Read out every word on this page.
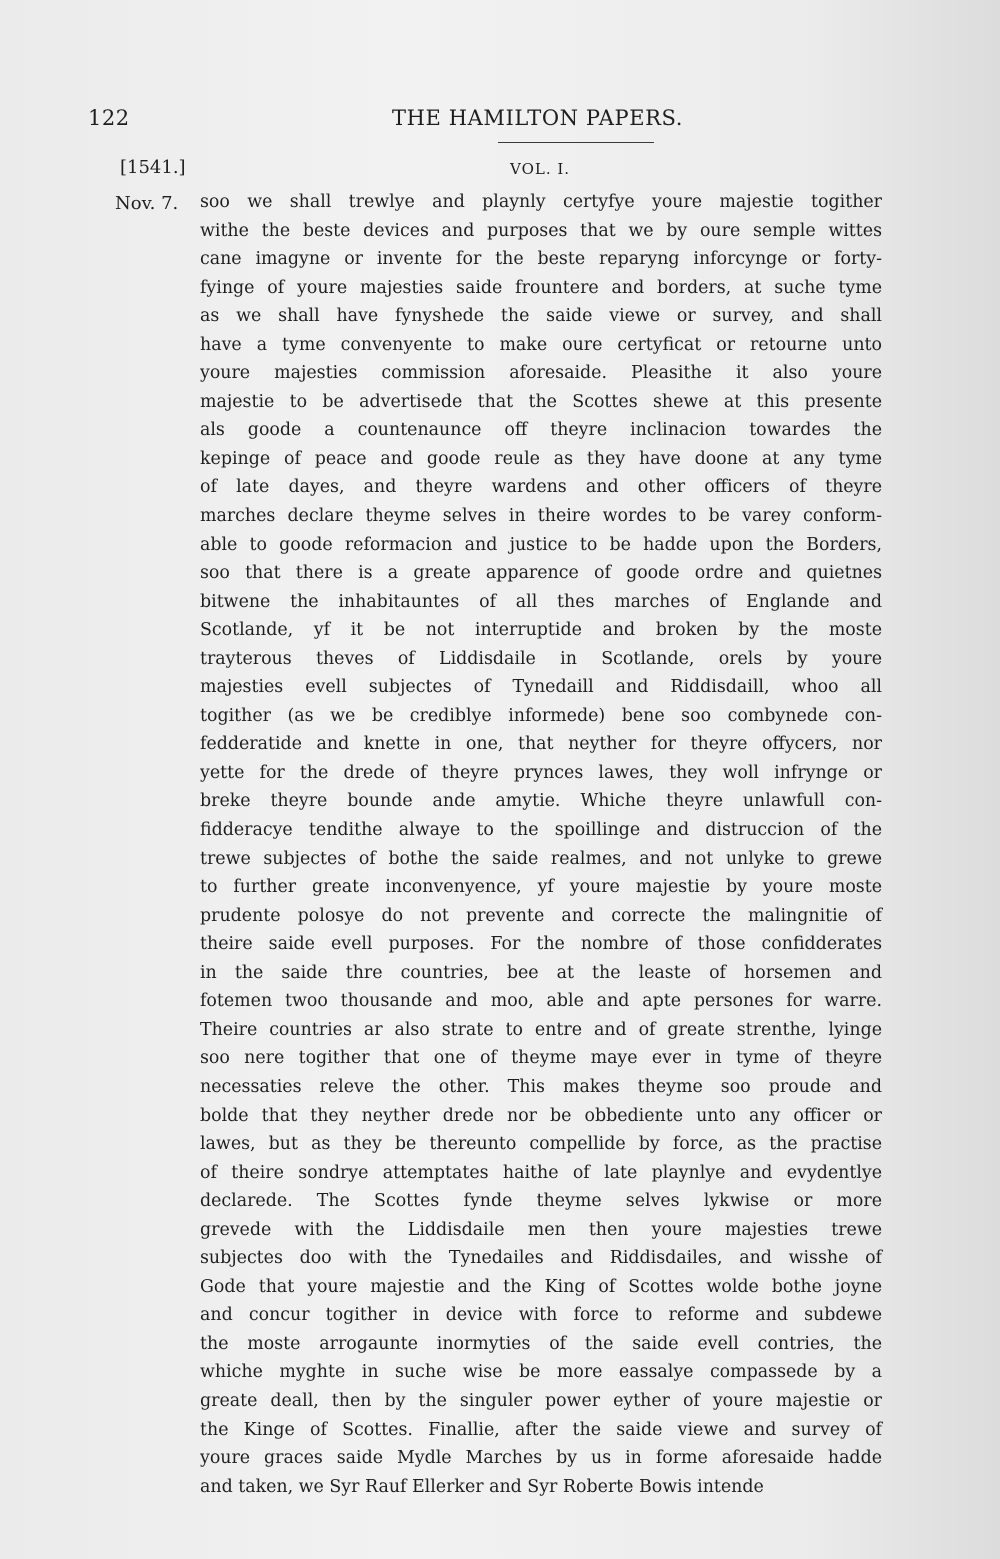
122	THE HAMILTON PAPERS.
[1541.]	VOL. I.
Nov. 7. soo we shall trewlye and playnly certyfye youre majestie togither
withe the beste devices and purposes that we by oure semple wittes
cane imagyne or invente for the beste reparyng inforcynge or forty-
fyinge of youre majesties saide frountere and borders, at suche tyme
as we shall have fynyshede the saide viewe or survey, and shall
have a tyme convenyente to make oure certyficat or retourne unto
youre majesties commission aforesaide. Pleasithe it also youre
majestie to be advertisede that the Scottes shewe at this presente
als goode a countenaunce off theyre inclinacion towardes the
kepinge of peace and goode reule as they have doone at any tyme
of late dayes, and theyre wardens and other officers of theyre
marches declare theyme selves in theire wordes to be varey conform-
able to goode reformacion and justice to be hadde upon the Borders,
soo that there is a greate apparence of goode ordre and quietnes
bitwene the inhabitauntes of all thes marches of Englande and
Scotlande, yf it be not interruptide and broken by the moste
trayterous theves of Liddisdaile in Scotlande, orels by youre
majesties evell subjectes of Tynedaill and Riddisdaill, whoo all
togither (as we be crediblye informede) bene soo combynede con-
fedderatide and knette in one, that neyther for theyre offycers, nor
yette for the drede of theyre prynces lawes, they woll infrynge or
breke theyre bounde ande amytie. Whiche theyre unlawfull con-
fidderacye tendithe alwaye to the spoillinge and distruccion of the
trewe subjectes of bothe the saide realmes, and not unlyke to grewe
to further greate inconvenyence, yf youre majestie by youre moste
prudente polosye do not prevente and correcte the malingnitie of
theire saide evell purposes. For the nombre of those confidderates
in the saide thre countries, bee at the leaste of horsemen and
fotemen twoo thousande and moo, able and apte persones for warre.
Theire countries ar also strate to entre and of greate strenthe, lyinge
soo nere togither that one of theyme maye ever in tyme of theyre
necessaties releve the other. This makes theyme soo proude and
bolde that they neyther drede nor be obbediente unto any officer or
lawes, but as they be thereunto compellide by force, as the practise
of theire sondrye attemptates haithe of late playnlye and evydentlye
declarede. The Scottes fynde theyme selves lykwise or more
grevede with the Liddisdaile men then youre majesties trewe
subjectes doo with the Tynedailes and Riddisdailes, and wisshe of
Gode that youre majestie and the King of Scottes wolde bothe joyne
and concur togither in device with force to reforme and subdewe
the moste arrogaunte inormyties of the saide evell contries, the
whiche myghte in suche wise be more eassalye compassede by a
greate deall, then by the singuler power eyther of youre majestie or
the Kinge of Scottes. Finallie, after the saide viewe and survey of
youre graces saide Mydle Marches by us in forme aforesaide hadde
and taken, we Syr Rauf Ellerker and Syr Roberte Bowis intende
